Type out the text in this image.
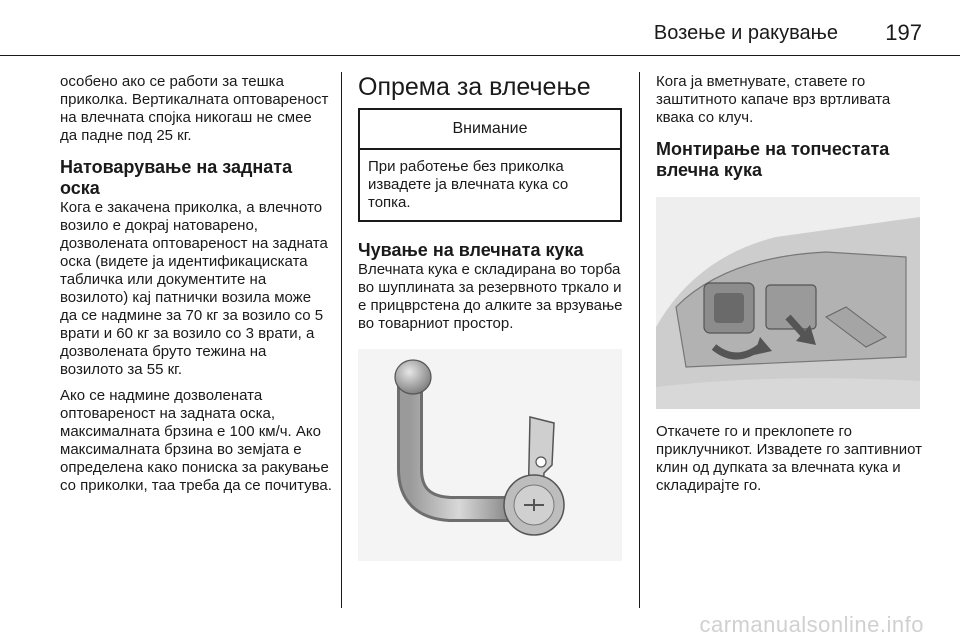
Возење и ракување 197

особено ако се работи за тешка приколка. Вертикалната оптовареност на влечната спојка никогаш не смее да падне под 25 кг.

Натоварување на задната оска

Кога е закачена приколка, а влечното возило е докрај натоварено, дозволената оптовареност на задната оска (видете ја идентификациската табличка или документите на возилото) кај патнички возила може да се надмине за 70 кг за возило со 5 врати и 60 кг за возило со 3 врати, а дозволената бруто тежина на возилото за 55 кг.

Ако се надмине дозволената оптовареност на задната оска, максималната брзина е 100 км/ч. Ако максималната брзина во земјата е определена како пониска за ракување со приколки, таа треба да се почитува.

Опрема за влечење
Внимание
При работење без приколка извадете ја влечната кука со топка.
Чување на влечната кука

Влечната кука е складирана во торба во шуплината за резервното тркало и е прицврстена до алките за врзување во товарниот простор.

Кога ја вметнувате, ставете го заштитното капаче врз вртливата квака со клуч.

Монтирање на топчестата влечна кука

Откачете го и преклопете го приклучникот. Извадете го заптивниот клин од дупката за влечната кука и складирајте го.

carmanualsonline.info
